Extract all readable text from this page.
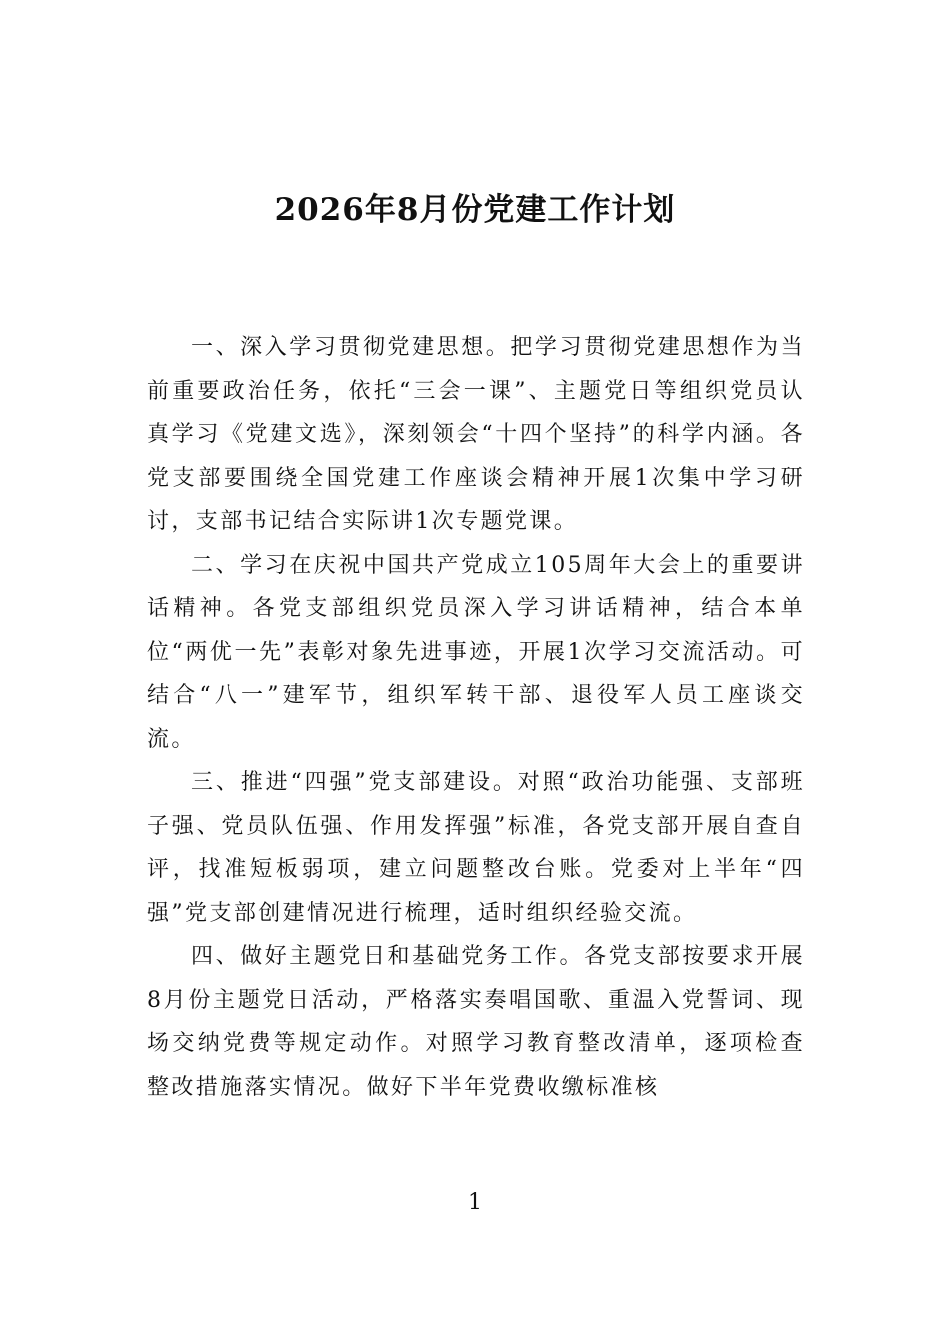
2026年8月份党建工作计划

一、深入学习贯彻党建思想。把学习贯彻党建思想作为当前重要政治任务，依托“三会一课”、主题党日等组织党员认真学习《党建文选》，深刻领会“十四个坚持”的科学内涵。各党支部要围绕全国党建工作座谈会精神开展1次集中学习研讨，支部书记结合实际讲1次专题党课。

二、学习在庆祝中国共产党成立105周年大会上的重要讲话精神。各党支部组织党员深入学习讲话精神，结合本单位“两优一先”表彰对象先进事迹，开展1次学习交流活动。可结合“八一”建军节，组织军转干部、退役军人员工座谈交流。

三、推进“四强”党支部建设。对照“政治功能强、支部班子强、党员队伍强、作用发挥强”标准，各党支部开展自查自评，找准短板弱项，建立问题整改台账。党委对上半年“四强”党支部创建情况进行梳理，适时组织经验交流。

四、做好主题党日和基础党务工作。各党支部按要求开展8月份主题党日活动，严格落实奏唱国歌、重温入党誓词、现场交纳党费等规定动作。对照学习教育整改清单，逐项检查整改措施落实情况。做好下半年党费收缴标准核

1
